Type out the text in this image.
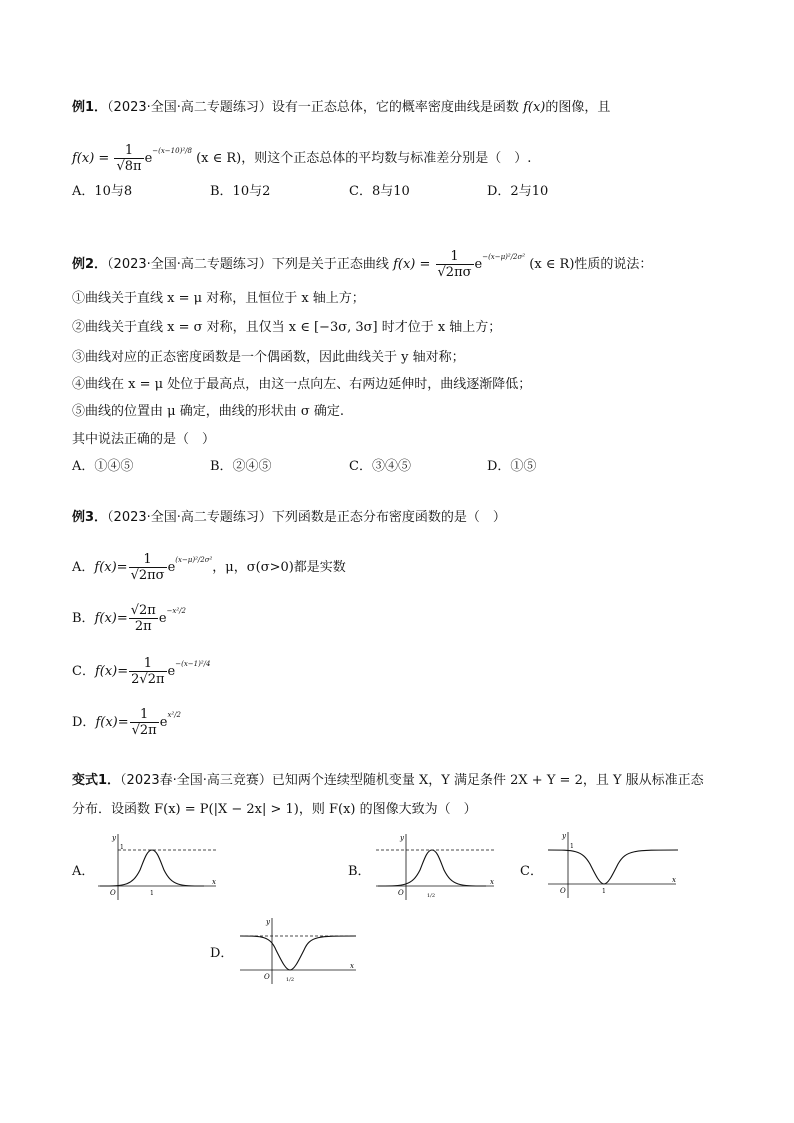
例1．（2023·全国·高二专题练习）设有一正态总体，它的概率密度曲线是函数 f(x)的图像，且
$f(x) = \frac{1}{√8\pi} e^{-(x-10)^2/8}$ (x ∈ R)，则这个正态总体的平均数与标准差分别是（　）.
A．10与8	B．10与2	C．8与10	D．2与10
例2．（2023·全国·高二专题练习）下列是关于正态曲线 $f(x) = \frac{1}{√2\pi\sigma} e^{-(x-\mu)^2/2\sigma^2}$ (x ∈ R)性质的说法：
①曲线关于直线 x = μ 对称，且恒位于 x 轴上方；
②曲线关于直线 x = σ 对称，且仅当 x ∈ [−3σ, 3σ] 时才位于 x 轴上方；
③曲线对应的正态密度函数是一个偶函数，因此曲线关于 y 轴对称；
④曲线在 x = μ 处位于最高点，由这一点向左、右两边延伸时，曲线逐渐降低；
⑤曲线的位置由 μ 确定，曲线的形状由 σ 确定.
其中说法正确的是（　）
A．①④⑤	B．②④⑤	C．③④⑤	D．①⑤
例3．（2023·全国·高二专题练习）下列函数是正态分布密度函数的是（　）
A．$f(x)= \frac{1}{√2\pi\sigma} e^{(x-\mu)^2/2\sigma^2}$，μ，σ(σ>0)都是实数
B．$f(x)= \frac{√2\pi}{2\pi} e^{-x^2/2}$
C．$f(x)= \frac{1}{2√2\pi} e^{-(x-1)^2/4}$
D．$f(x)= \frac{1}{√2\pi} e^{x^2/2}$
变式1．（2023春·全国·高三竞赛）已知两个连续型随机变量 X，Y 满足条件 2X + Y = 2，且 Y 服从标准正态
分布．设函数 F(x) = P(|X − 2x| > 1)，则 F(x) 的图像大致为（　）
A．
y
x
O	1
1
B．
y
x
O	1/2
C．
y
x
O	1
1
D．
y
x
O	1/2
